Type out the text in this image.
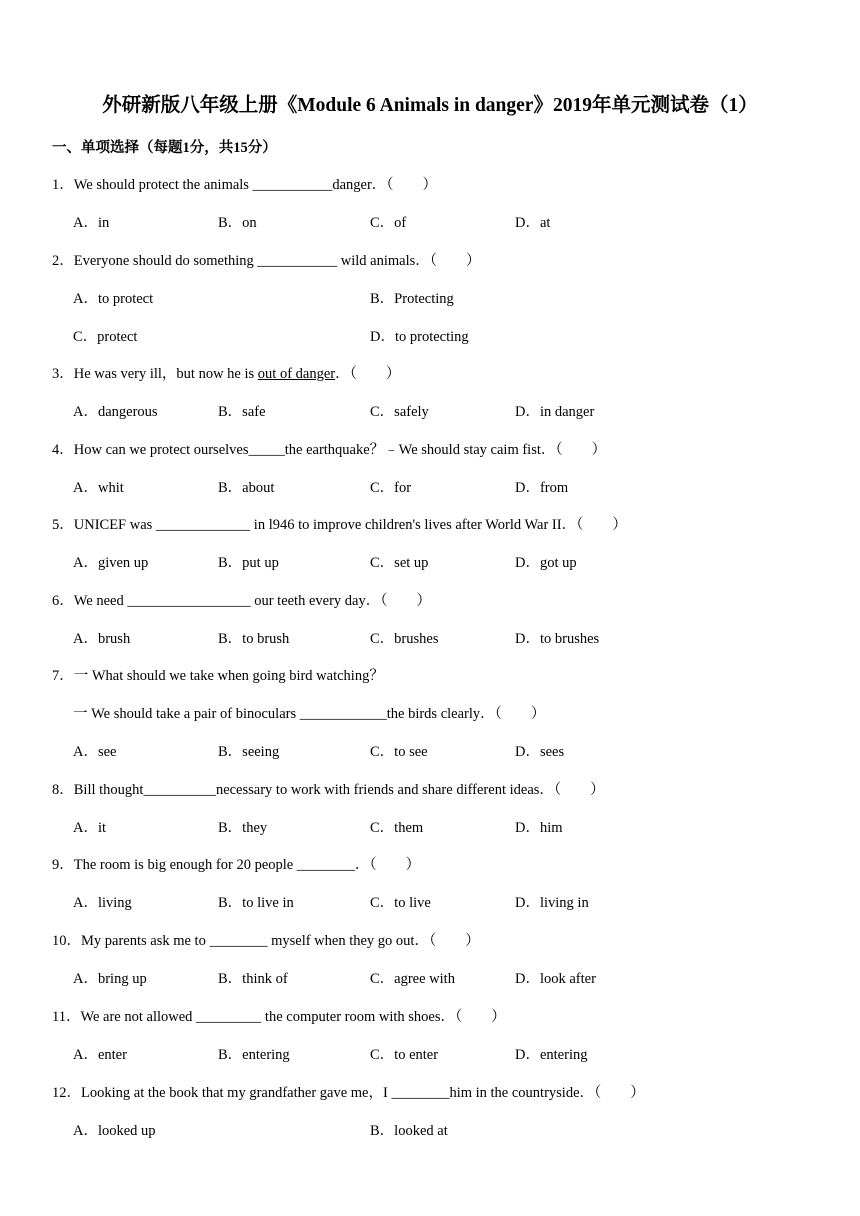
外研新版八年级上册《Module 6 Animals in danger》2019年单元测试卷（1）
一、单项选择（每题1分，共15分）
1．We should protect the animals ___________danger．（　　）
A．in	B．on	C．of	D．at
2．Everyone should do something ___________ wild animals．（　　）
A．to protect	B．Protecting
C．protect	D．to protecting
3．He was very ill，but now he is out of danger．（　　）
A．dangerous	B．safe	C．safely	D．in danger
4．How can we protect ourselves_____the earthquake？﹣We should stay caim fist．（　　）
A．whit	B．about	C．for	D．from
5．UNICEF was _____________ in l946 to improve children's lives after World War II．（　　）
A．given up	B．put up	C．set up	D．got up
6．We need _________________ our teeth every day．（　　）
A．brush	B．to brush	C．brushes	D．to brushes
7．一 What should we take when going bird watching？
一 We should take a pair of binoculars ____________the birds clearly．（　　）
A．see	B．seeing	C．to see	D．sees
8．Bill thought__________necessary to work with friends and share different ideas．（　　）
A．it	B．they	C．them	D．him
9．The room is big enough for 20 people ________．（　　）
A．living	B．to live in	C．to live	D．living in
10．My parents ask me to ________ myself when they go out．（　　）
A．bring up	B．think of	C．agree with	D．look after
11．We are not allowed _________ the computer room with shoes．（　　）
A．enter	B．entering	C．to enter	D．entering
12．Looking at the book that my grandfather gave me，I ________him in the countryside．（　　）
A．looked up	B．looked at
